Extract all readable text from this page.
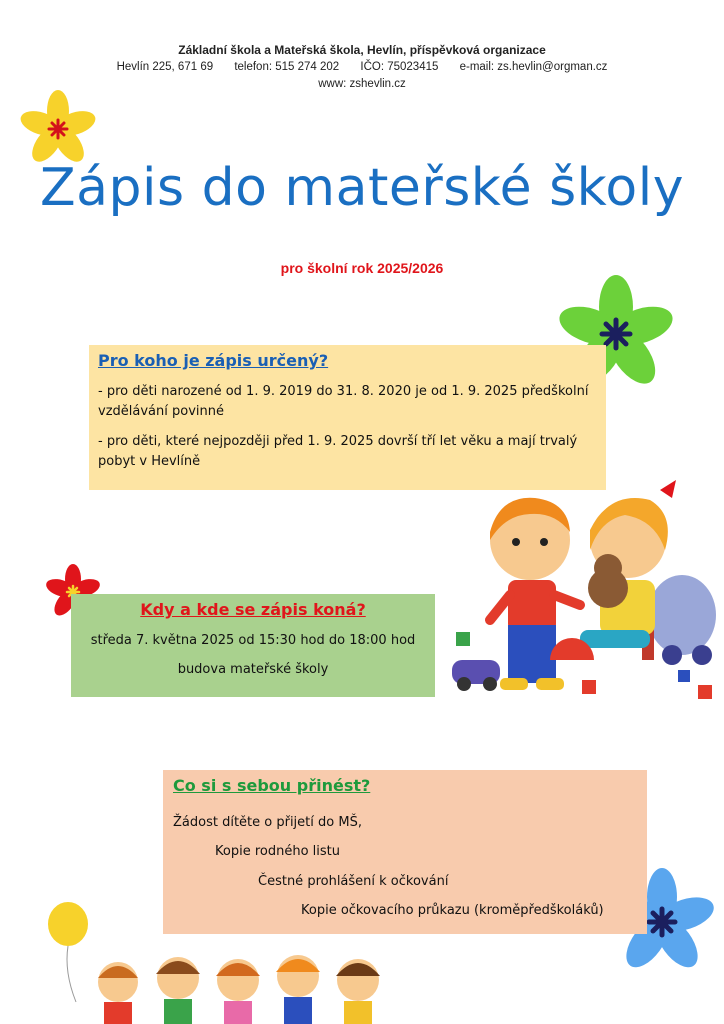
Základní škola a Mateřská škola, Hevlín, příspěvková organizace
Hevlín 225, 671 69 telefon: 515 274 202 IČO: 75023415 e-mail: zs.hevlin@orgman.cz
www: zshevlin.cz
Zápis do mateřské školy
pro školní rok 2025/2026
Pro koho je zápis určený?

- pro děti narozené od 1. 9. 2019 do 31. 8. 2020 je od 1. 9. 2025 předškolní vzdělávání povinné

- pro děti, které nejpozději před 1. 9. 2025 dovrší tří let věku a mají trvalý pobyt v Hevlíně

Kdy a kde se zápis koná?

středa 7. května 2025 od 15:30 hod do 18:00 hod

budova mateřské školy

Co si s sebou přinést?
Žádost dítěte o přijetí do MŠ,
Kopie rodného listu
Čestné prohlášení k očkování
Kopie očkovacího průkazu (kroměpředškoláků)
